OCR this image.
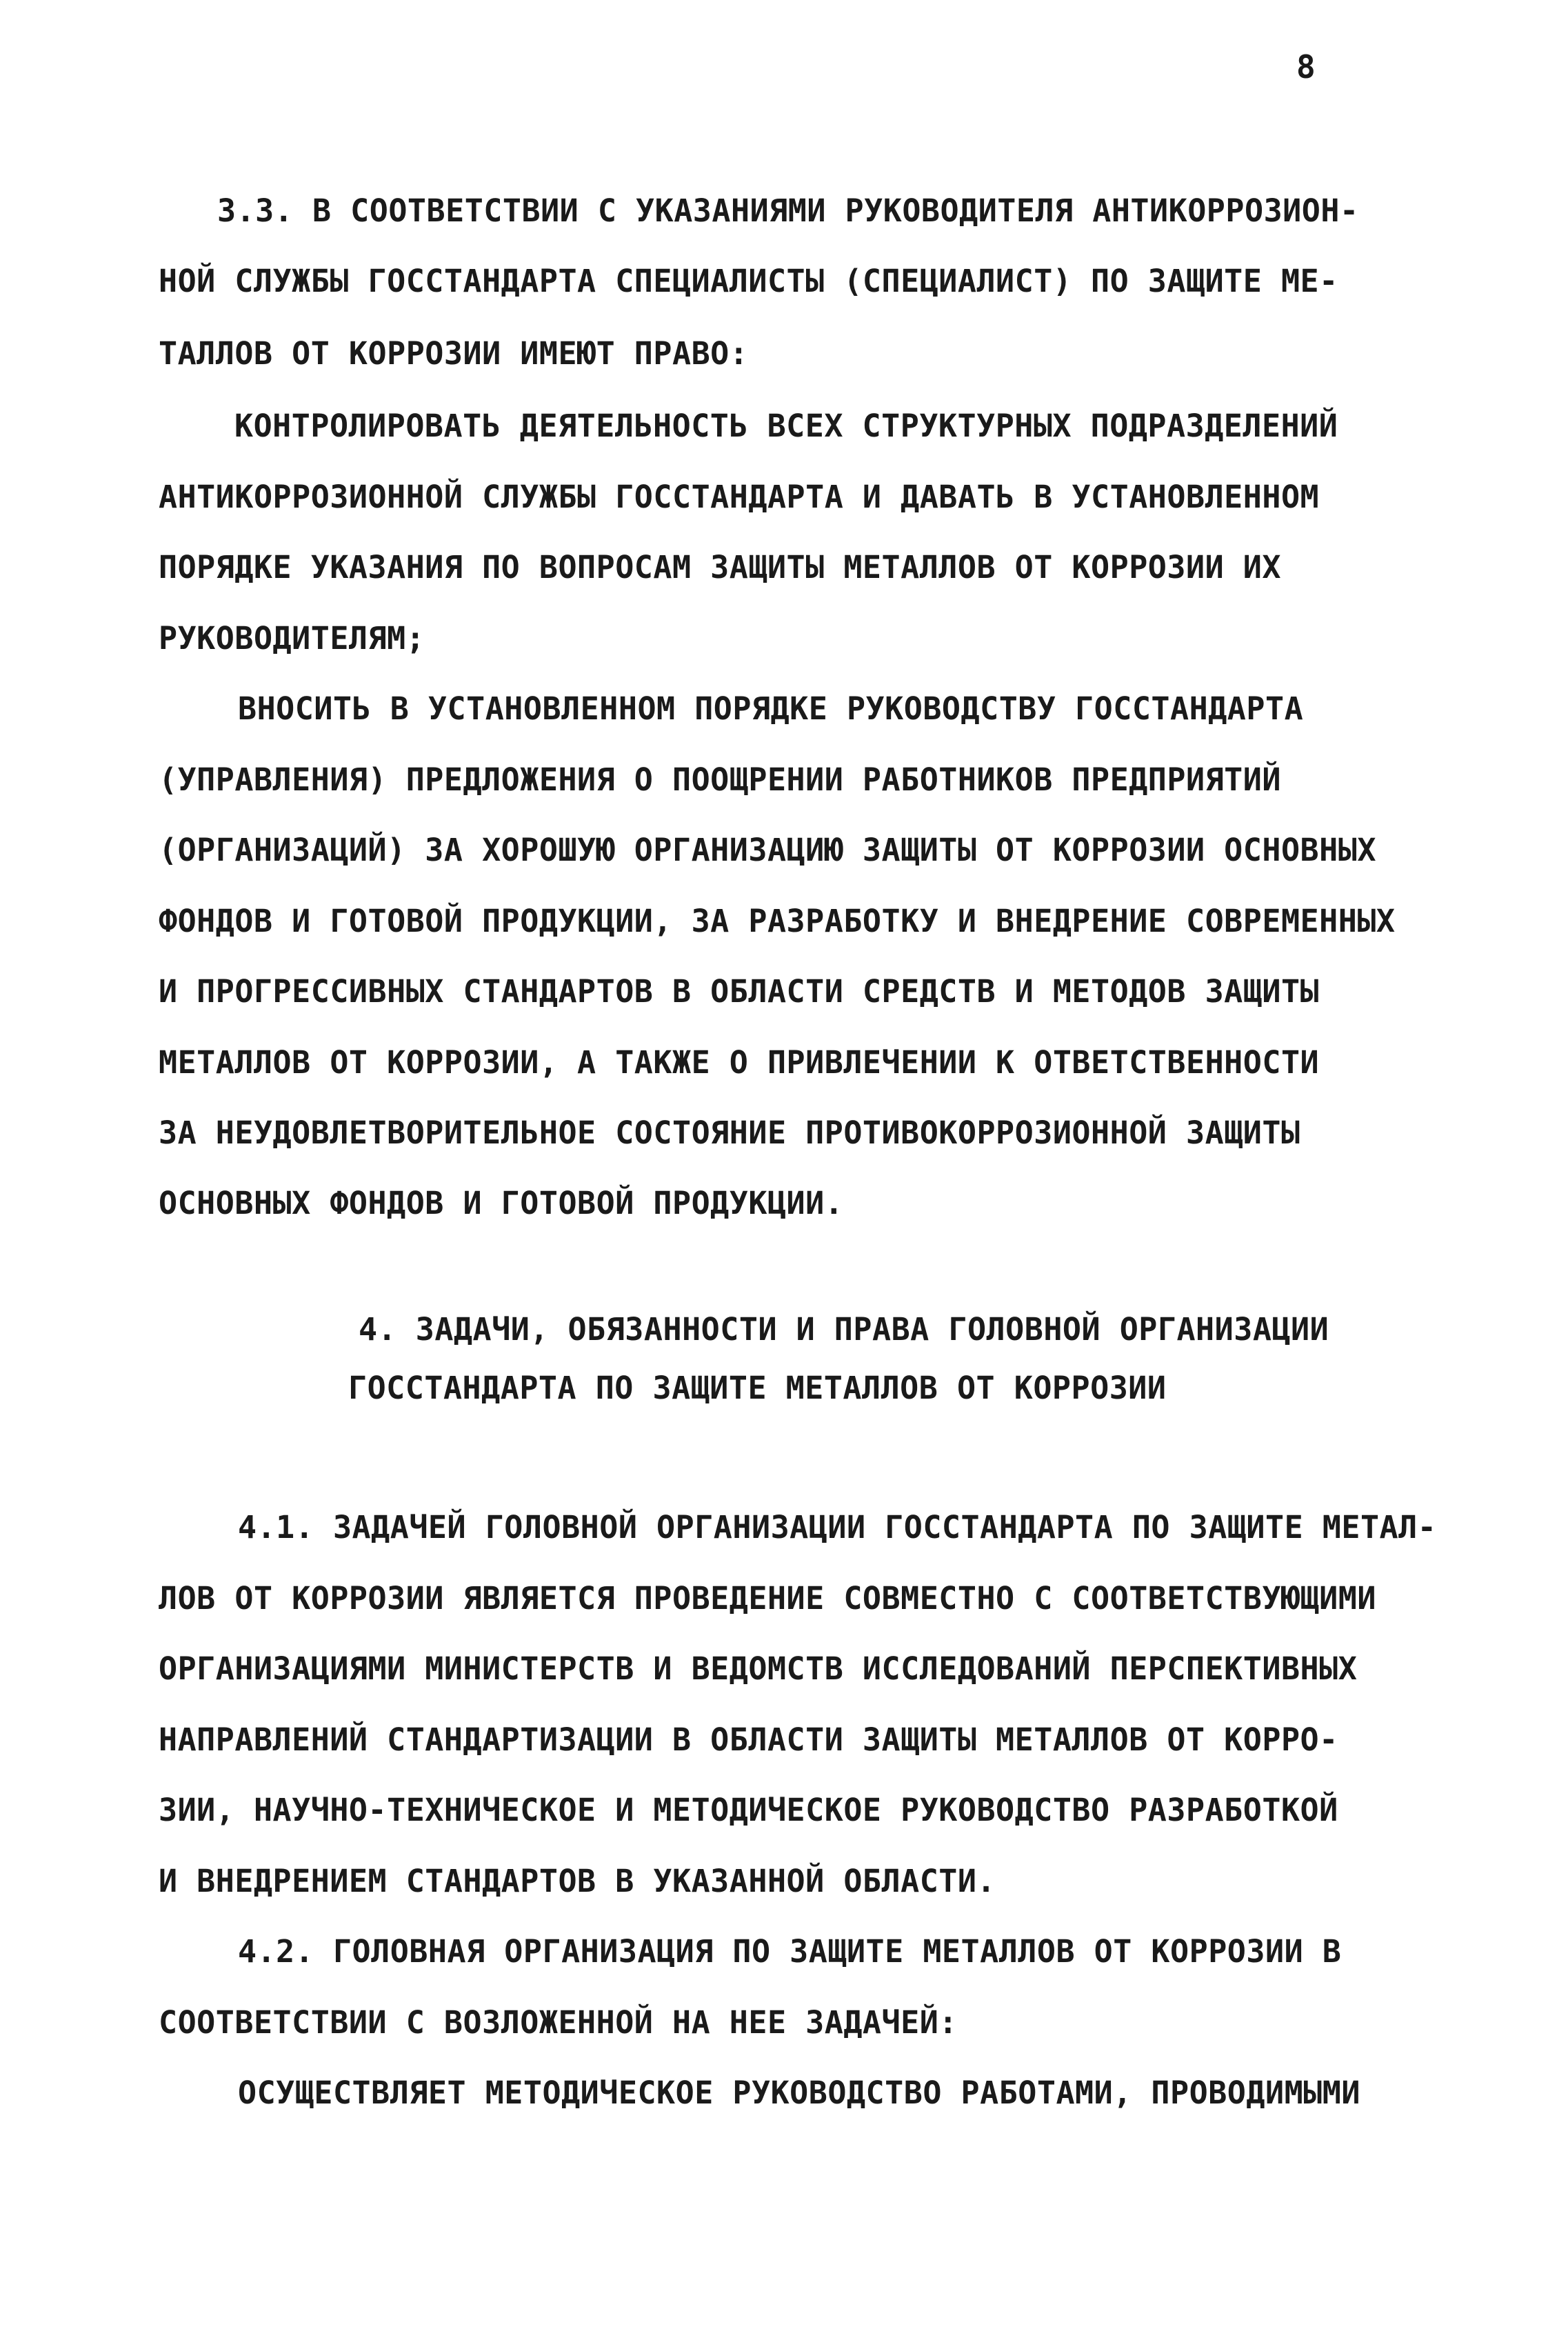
8
3.3. В СООТВЕТСТВИИ С УКАЗАНИЯМИ РУКОВОДИТЕЛЯ АНТИКОРРОЗИОН-
НОЙ СЛУЖБЫ ГОССТАНДАРТА СПЕЦИАЛИСТЫ (СПЕЦИАЛИСТ) ПО ЗАЩИТЕ МЕ-
ТАЛЛОВ ОТ КОРРОЗИИ ИМЕЮТ ПРАВО:
КОНТРОЛИРОВАТЬ ДЕЯТЕЛЬНОСТЬ ВСЕХ СТРУКТУРНЫХ ПОДРАЗДЕЛЕНИЙ
АНТИКОРРОЗИОННОЙ СЛУЖБЫ ГОССТАНДАРТА И ДАВАТЬ В УСТАНОВЛЕННОМ
ПОРЯДКЕ УКАЗАНИЯ ПО ВОПРОСАМ ЗАЩИТЫ МЕТАЛЛОВ ОТ КОРРОЗИИ ИХ
РУКОВОДИТЕЛЯМ;
ВНОСИТЬ В УСТАНОВЛЕННОМ ПОРЯДКЕ РУКОВОДСТВУ ГОССТАНДАРТА
(УПРАВЛЕНИЯ) ПРЕДЛОЖЕНИЯ О ПООЩРЕНИИ РАБОТНИКОВ ПРЕДПРИЯТИЙ
(ОРГАНИЗАЦИЙ) ЗА ХОРОШУЮ ОРГАНИЗАЦИЮ ЗАЩИТЫ ОТ КОРРОЗИИ ОСНОВНЫХ
ФОНДОВ И ГОТОВОЙ ПРОДУКЦИИ, ЗА РАЗРАБОТКУ И ВНЕДРЕНИЕ СОВРЕМЕННЫХ
И ПРОГРЕССИВНЫХ СТАНДАРТОВ В ОБЛАСТИ СРЕДСТВ И МЕТОДОВ ЗАЩИТЫ
МЕТАЛЛОВ ОТ КОРРОЗИИ, А ТАКЖЕ О ПРИВЛЕЧЕНИИ К ОТВЕТСТВЕННОСТИ
ЗА НЕУДОВЛЕТВОРИТЕЛЬНОЕ СОСТОЯНИЕ ПРОТИВОКОРРОЗИОННОЙ ЗАЩИТЫ
ОСНОВНЫХ ФОНДОВ И ГОТОВОЙ ПРОДУКЦИИ.
4. ЗАДАЧИ, ОБЯЗАННОСТИ И ПРАВА ГОЛОВНОЙ ОРГАНИЗАЦИИ
ГОССТАНДАРТА ПО ЗАЩИТЕ МЕТАЛЛОВ ОТ КОРРОЗИИ
4.1. ЗАДАЧЕЙ ГОЛОВНОЙ ОРГАНИЗАЦИИ ГОССТАНДАРТА ПО ЗАЩИТЕ МЕТАЛ-
ЛОВ ОТ КОРРОЗИИ ЯВЛЯЕТСЯ ПРОВЕДЕНИЕ СОВМЕСТНО С СООТВЕТСТВУЮЩИМИ
ОРГАНИЗАЦИЯМИ МИНИСТЕРСТВ И ВЕДОМСТВ ИССЛЕДОВАНИЙ ПЕРСПЕКТИВНЫХ
НАПРАВЛЕНИЙ СТАНДАРТИЗАЦИИ В ОБЛАСТИ ЗАЩИТЫ МЕТАЛЛОВ ОТ КОРРО-
ЗИИ, НАУЧНО-ТЕХНИЧЕСКОЕ И МЕТОДИЧЕСКОЕ РУКОВОДСТВО РАЗРАБОТКОЙ
И ВНЕДРЕНИЕМ СТАНДАРТОВ В УКАЗАННОЙ ОБЛАСТИ.
4.2. ГОЛОВНАЯ ОРГАНИЗАЦИЯ ПО ЗАЩИТЕ МЕТАЛЛОВ ОТ КОРРОЗИИ В
СООТВЕТСТВИИ С ВОЗЛОЖЕННОЙ НА НЕЕ ЗАДАЧЕЙ:
ОСУЩЕСТВЛЯЕТ МЕТОДИЧЕСКОЕ РУКОВОДСТВО РАБОТАМИ, ПРОВОДИМЫМИ
